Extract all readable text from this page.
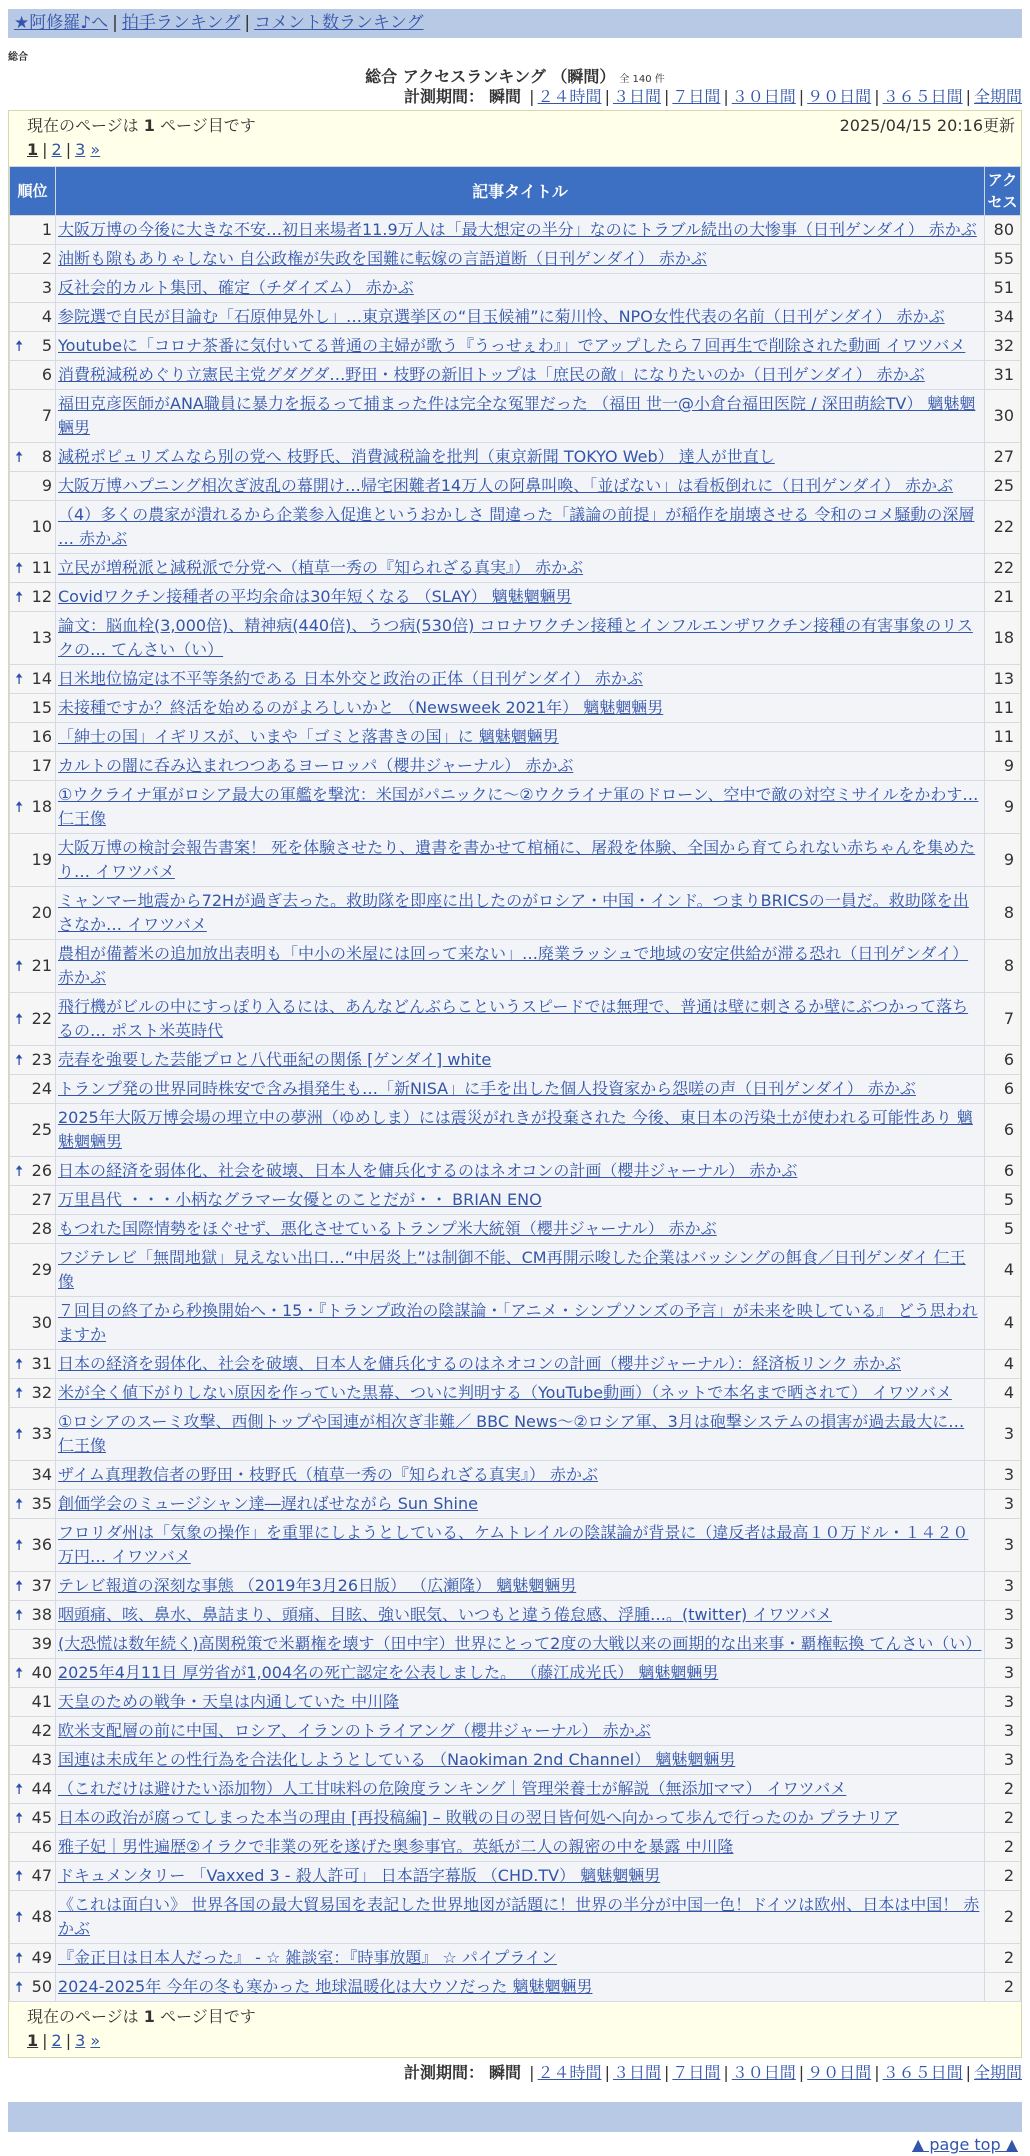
★阿修羅♪へ | 拍手ランキング | コメント数ランキング
総合
総合 アクセスランキング （瞬間） 全 140 件
計測期間： 瞬間 | ２４時間 | ３日間 | ７日間 | ３０日間 | ９０日間 | ３６５日間 | 全期間
現在のページは 1 ページ目です	2025/04/15 20:16更新
1 | 2 | 3 »
順位	記事タイトル	アクセス
1	大阪万博の今後に大きな不安…初日来場者11.9万人は「最大想定の半分」なのにトラブル続出の大惨事（日刊ゲンダイ） 赤かぶ	80
2	油断も隙もありゃしない 自公政権が失政を国難に転嫁の言語道断（日刊ゲンダイ） 赤かぶ	55
3	反社会的カルト集団、確定（チダイズム） 赤かぶ	51
4	参院選で自民が目論む「石原伸晃外し」…東京選挙区の“目玉候補”に菊川怜、NPO女性代表の名前（日刊ゲンダイ） 赤かぶ	34

🠅 5	Youtubeに「コロナ茶番に気付いてる普通の主婦が歌う『うっせぇわ』」でアップしたら７回再生で削除された動画 イワツバメ	32
6	消費税減税めぐり立憲民主党グダグダ…野田・枝野の新旧トップは「庶民の敵」になりたいのか（日刊ゲンダイ） 赤かぶ	31
7	福田克彦医師がANA職員に暴力を振るって捕まった件は完全な冤罪だった （福田 世一@小倉台福田医院 / 深田萌絵TV） 魑魅魍魎男	30

🠅 8	減税ポピュリズムなら別の党へ 枝野氏、消費減税論を批判（東京新聞 TOKYO Web） 達人が世直し	27
9	大阪万博ハプニング相次ぎ波乱の幕開け…帰宅困難者14万人の阿鼻叫喚、「並ばない」は看板倒れに（日刊ゲンダイ） 赤かぶ	25
10	（4）多くの農家が潰れるから企業参入促進というおかしさ 間違った「議論の前提」が稲作を崩壊させる 令和のコメ騒動の深層 … 赤かぶ	22

🠅 11	立民が増税派と減税派で分党へ（植草一秀の『知られざる真実』） 赤かぶ	22

🠅 12	Covidワクチン接種者の平均余命は30年短くなる （SLAY） 魑魅魍魎男	21
13	論文：脳血栓(3,000倍)、精神病(440倍)、うつ病(530倍) コロナワクチン接種とインフルエンザワクチン接種の有害事象のリスクの… てんさい（い）	18

🠅 14	日米地位協定は不平等条約である 日本外交と政治の正体（日刊ゲンダイ） 赤かぶ	13
15	未接種ですか？終活を始めるのがよろしいかと （Newsweek 2021年） 魑魅魍魎男	11
16	「紳士の国」イギリスが、いまや「ゴミと落書きの国」に 魑魅魍魎男	11
17	カルトの闇に呑み込まれつつあるヨーロッパ（櫻井ジャーナル） 赤かぶ	9

🠅 18	①ウクライナ軍がロシア最大の軍艦を撃沈：米国がパニックに～②ウクライナ軍のドローン、空中で敵の対空ミサイルをかわす… 仁王像	9
19	大阪万博の検討会報告書案！ 死を体験させたり、遺書を書かせて棺桶に、屠殺を体験、全国から育てられない赤ちゃんを集めたり… イワツバメ	9
20	ミャンマー地震から72Hが過ぎ去った。救助隊を即座に出したのがロシア・中国・インド。つまりBRICSの一員だ。救助隊を出さなか… イワツバメ	8

🠅 21	農相が備蓄米の追加放出表明も「中小の米屋には回って来ない」…廃業ラッシュで地域の安定供給が滞る恐れ（日刊ゲンダイ） 赤かぶ	8

🠅 22	飛行機がビルの中にすっぽり入るには、あんなどんぶらこというスピードでは無理で、普通は壁に刺さるか壁にぶつかって落ちるの… ポスト米英時代	7

🠅 23	売春を強要した芸能プロと八代亜紀の関係 [ゲンダイ] white	6
24	トランプ発の世界同時株安で含み損発生も…「新NISA」に手を出した個人投資家から怨嗟の声（日刊ゲンダイ） 赤かぶ	6
25	2025年大阪万博会場の埋立中の夢洲（ゆめしま）には震災がれきが投棄された 今後、東日本の汚染土が使われる可能性あり 魑魅魍魎男	6

🠅 26	日本の経済を弱体化、社会を破壊、日本人を傭兵化するのはネオコンの計画（櫻井ジャーナル） 赤かぶ	6
27	万里昌代 ・・・小柄なグラマー女優とのことだが・・ BRIAN ENO	5
28	もつれた国際情勢をほぐせず、悪化させているトランプ米大統領（櫻井ジャーナル） 赤かぶ	5
29	フジテレビ「無間地獄」見えない出口…“中居炎上”は制御不能、CM再開示唆した企業はバッシングの餌食／日刊ゲンダイ 仁王像	4
30	７回目の終了から秒換開始へ・15・『トランプ政治の陰謀論・「アニメ・シンプソンズの予言」が未来を映している』 どう思われますか	4

🠅 31	日本の経済を弱体化、社会を破壊、日本人を傭兵化するのはネオコンの計画（櫻井ジャーナル）：経済板リンク 赤かぶ	4

🠅 32	米が全く値下がりしない原因を作っていた黒幕、ついに判明する（YouTube動画）（ネットで本名まで晒されて） イワツバメ	4

🠅 33	①ロシアのスーミ攻撃、西側トップや国連が相次ぎ非難／ BBC News～②ロシア軍、3月は砲撃システムの損害が過去最大に… 仁王像	3
34	ザイム真理教信者の野田・枝野氏（植草一秀の『知られざる真実』） 赤かぶ	3

🠅 35	創価学会のミュージシャン達―遅ればせながら Sun Shine	3

🠅 36	フロリダ州は「気象の操作」を重罪にしようとしている、ケムトレイルの陰謀論が背景に（違反者は最高１０万ドル・１４２０万円… イワツバメ	3

🠅 37	テレビ報道の深刻な事態 （2019年3月26日版） （広瀬隆） 魑魅魍魎男	3

🠅 38	咽頭痛、咳、鼻水、鼻詰まり、頭痛、目眩、強い眠気、いつもと違う倦怠感、浮腫…。(twitter) イワツバメ	3
39	(大恐慌は数年続く)高関税策で米覇権を壊す（田中宇）世界にとって2度の大戦以来の画期的な出来事・覇権転換 てんさい（い）	3

🠅 40	2025年4月11日 厚労省が1,004名の死亡認定を公表しました。 （藤江成光氏） 魑魅魍魎男	3
41	天皇のための戦争・天皇は内通していた 中川隆	3
42	欧米支配層の前に中国、ロシア、イランのトライアング（櫻井ジャーナル） 赤かぶ	3
43	国連は未成年との性行為を合法化しようとしている （Naokiman 2nd Channel） 魑魅魍魎男	3

🠅 44	（これだけは避けたい添加物）人工甘味料の危険度ランキング｜管理栄養士が解説（無添加ママ） イワツバメ	2

🠅 45	日本の政治が腐ってしまった本当の理由 [再投稿編] – 敗戦の日の翌日皆何処へ向かって歩んで行ったのか プラナリア	2
46	雅子妃｜男性遍歴②イラクで非業の死を遂げた奥参事官。英紙が二人の親密の中を暴露 中川隆	2

🠅 47	ドキュメンタリー 「Vaxxed 3 - 殺人許可」 日本語字幕版 （CHD.TV） 魑魅魍魎男	2

🠅 48	《これは面白い》 世界各国の最大貿易国を表記した世界地図が話題に！世界の半分が中国一色！ドイツは欧州、日本は中国！ 赤かぶ	2

🠅 49	『金正日は日本人だった』 - ☆ 雑談室：『時事放題』 ☆ パイプライン	2

🠅 50	2024-2025年 今年の冬も寒かった 地球温暖化は大ウソだった 魑魅魍魎男	2
現在のページは 1 ページ目です
1 | 2 | 3 »
計測期間： 瞬間 | ２４時間 | ３日間 | ７日間 | ３０日間 | ９０日間 | ３６５日間 | 全期間
▲ page top ▲
